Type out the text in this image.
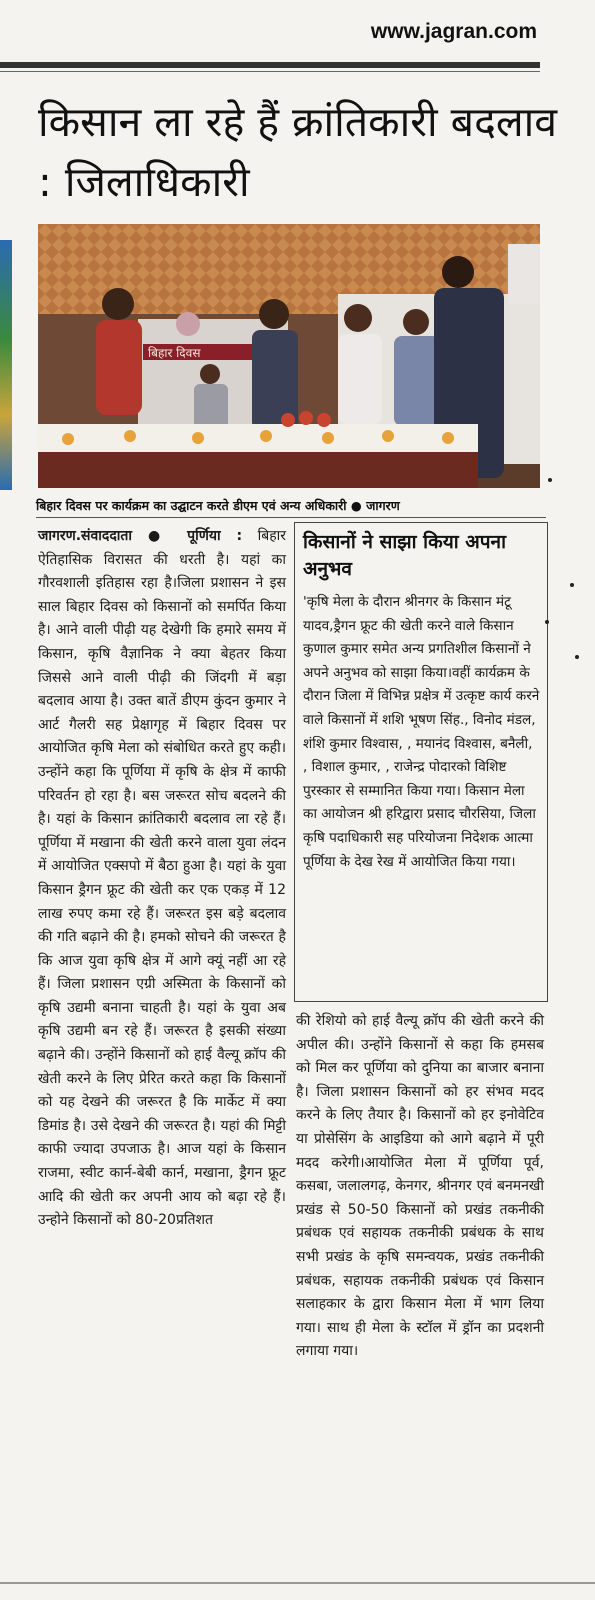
www.jagran.com
किसान ला रहे हैं क्रांतिकारी बदलाव : जिलाधिकारी
बिहार दिवस
बिहार दिवस पर कार्यक्रम का उद्घाटन करते डीएम एवं अन्य अधिकारी ● जागरण
जागरण.संवाददाता ● पूर्णिया : बिहार ऐतिहासिक विरासत की धरती है। यहां का गौरवशाली इतिहास रहा है।जिला प्रशासन ने इस साल बिहार दिवस को किसानों को समर्पित किया है। आने वाली पीढ़ी यह देखेगी कि हमारे समय में किसान, कृषि वैज्ञानिक ने क्या बेहतर किया जिससे आने वाली पीढ़ी की जिंदगी में बड़ा बदलाव आया है। उक्त बातें डीएम कुंदन कुमार ने आर्ट गैलरी सह प्रेक्षागृह में बिहार दिवस पर आयोजित कृषि मेला को संबोधित करते हुए कही। उन्होंने कहा कि पूर्णिया में कृषि के क्षेत्र में काफी परिवर्तन हो रहा है। बस जरूरत सोच बदलने की है। यहां के किसान क्रांतिकारी बदलाव ला रहे हैं। पूर्णिया में मखाना की खेती करने वाला युवा लंदन में आयोजित एक्सपो में बैठा हुआ है। यहां के युवा किसान ड्रैगन फ्रूट की खेती कर एक एकड़ में 12 लाख रुपए कमा रहे हैं। जरूरत इस बड़े बदलाव की गति बढ़ाने की है। हमको सोचने की जरूरत है कि आज युवा कृषि क्षेत्र में आगे क्यूं नहीं आ रहे हैं। जिला प्रशासन एग्री अस्मिता के किसानों को कृषि उद्यमी बनाना चाहती है। यहां के युवा अब कृषि उद्यमी बन रहे हैं। जरूरत है इसकी संख्या बढ़ाने की। उन्होंने किसानों को हाई वैल्यू क्रॉप की खेती करने के लिए प्रेरित करते कहा कि किसानों को यह देखने की जरूरत है कि मार्केट में क्या डिमांड है। उसे देखने की जरूरत है। यहां की मिट्टी काफी ज्यादा उपजाऊ है। आज यहां के किसान राजमा, स्वीट कार्न-बेबी कार्न, मखाना, ड्रैगन फ्रूट आदि की खेती कर अपनी आय को बढ़ा रहे हैं। उन्होने किसानों को 80-20प्रतिशत
किसानों ने साझा किया अपना अनुभव
'कृषि मेला के दौरान श्रीनगर के किसान मंटू यादव,ड्रैगन फ्रूट की खेती करने वाले किसान कुणाल कुमार समेत अन्य प्रगतिशील किसानों ने अपने अनुभव को साझा किया।वहीं कार्यक्रम के दौरान जिला में विभिन्न प्रक्षेत्र में उत्कृष्ट कार्य करने वाले किसानों में शशि भूषण सिंह., विनोद मंडल, शंशि कुमार विश्वास, , मयानंद विश्वास, बनैली, , विशाल कुमार, , राजेन्द्र पोदारको विशिष्ट पुरस्कार से सम्मानित किया गया। किसान मेला का आयोजन श्री हरिद्वारा प्रसाद चौरसिया, जिला कृषि पदाधिकारी सह परियोजना निदेशक आत्मा पूर्णिया के देख रेख में आयोजित किया गया।
की रेशियो को हाई वैल्यू क्रॉप की खेती करने की अपील की। उन्होंने किसानों से कहा कि हमसब को मिल कर पूर्णिया को दुनिया का बाजार बनाना है। जिला प्रशासन किसानों को हर संभव मदद करने के लिए तैयार है। किसानों को हर इनोवेटिव या प्रोसेसिंग के आइडिया को आगे बढ़ाने में पूरी मदद करेगी।आयोजित मेला में पूर्णिया पूर्व, कसबा, जलालगढ़, केनगर, श्रीनगर एवं बनमनखी प्रखंड से 50-50 किसानों को प्रखंड तकनीकी प्रबंधक एवं सहायक तकनीकी प्रबंधक के साथ सभी प्रखंड के कृषि समन्वयक, प्रखंड तकनीकी प्रबंधक, सहायक तकनीकी प्रबंधक एवं किसान सलाहकार के द्वारा किसान मेला में भाग लिया गया। साथ ही मेला के स्टॉल में ड्रॉन का प्रदशनी लगाया गया।
